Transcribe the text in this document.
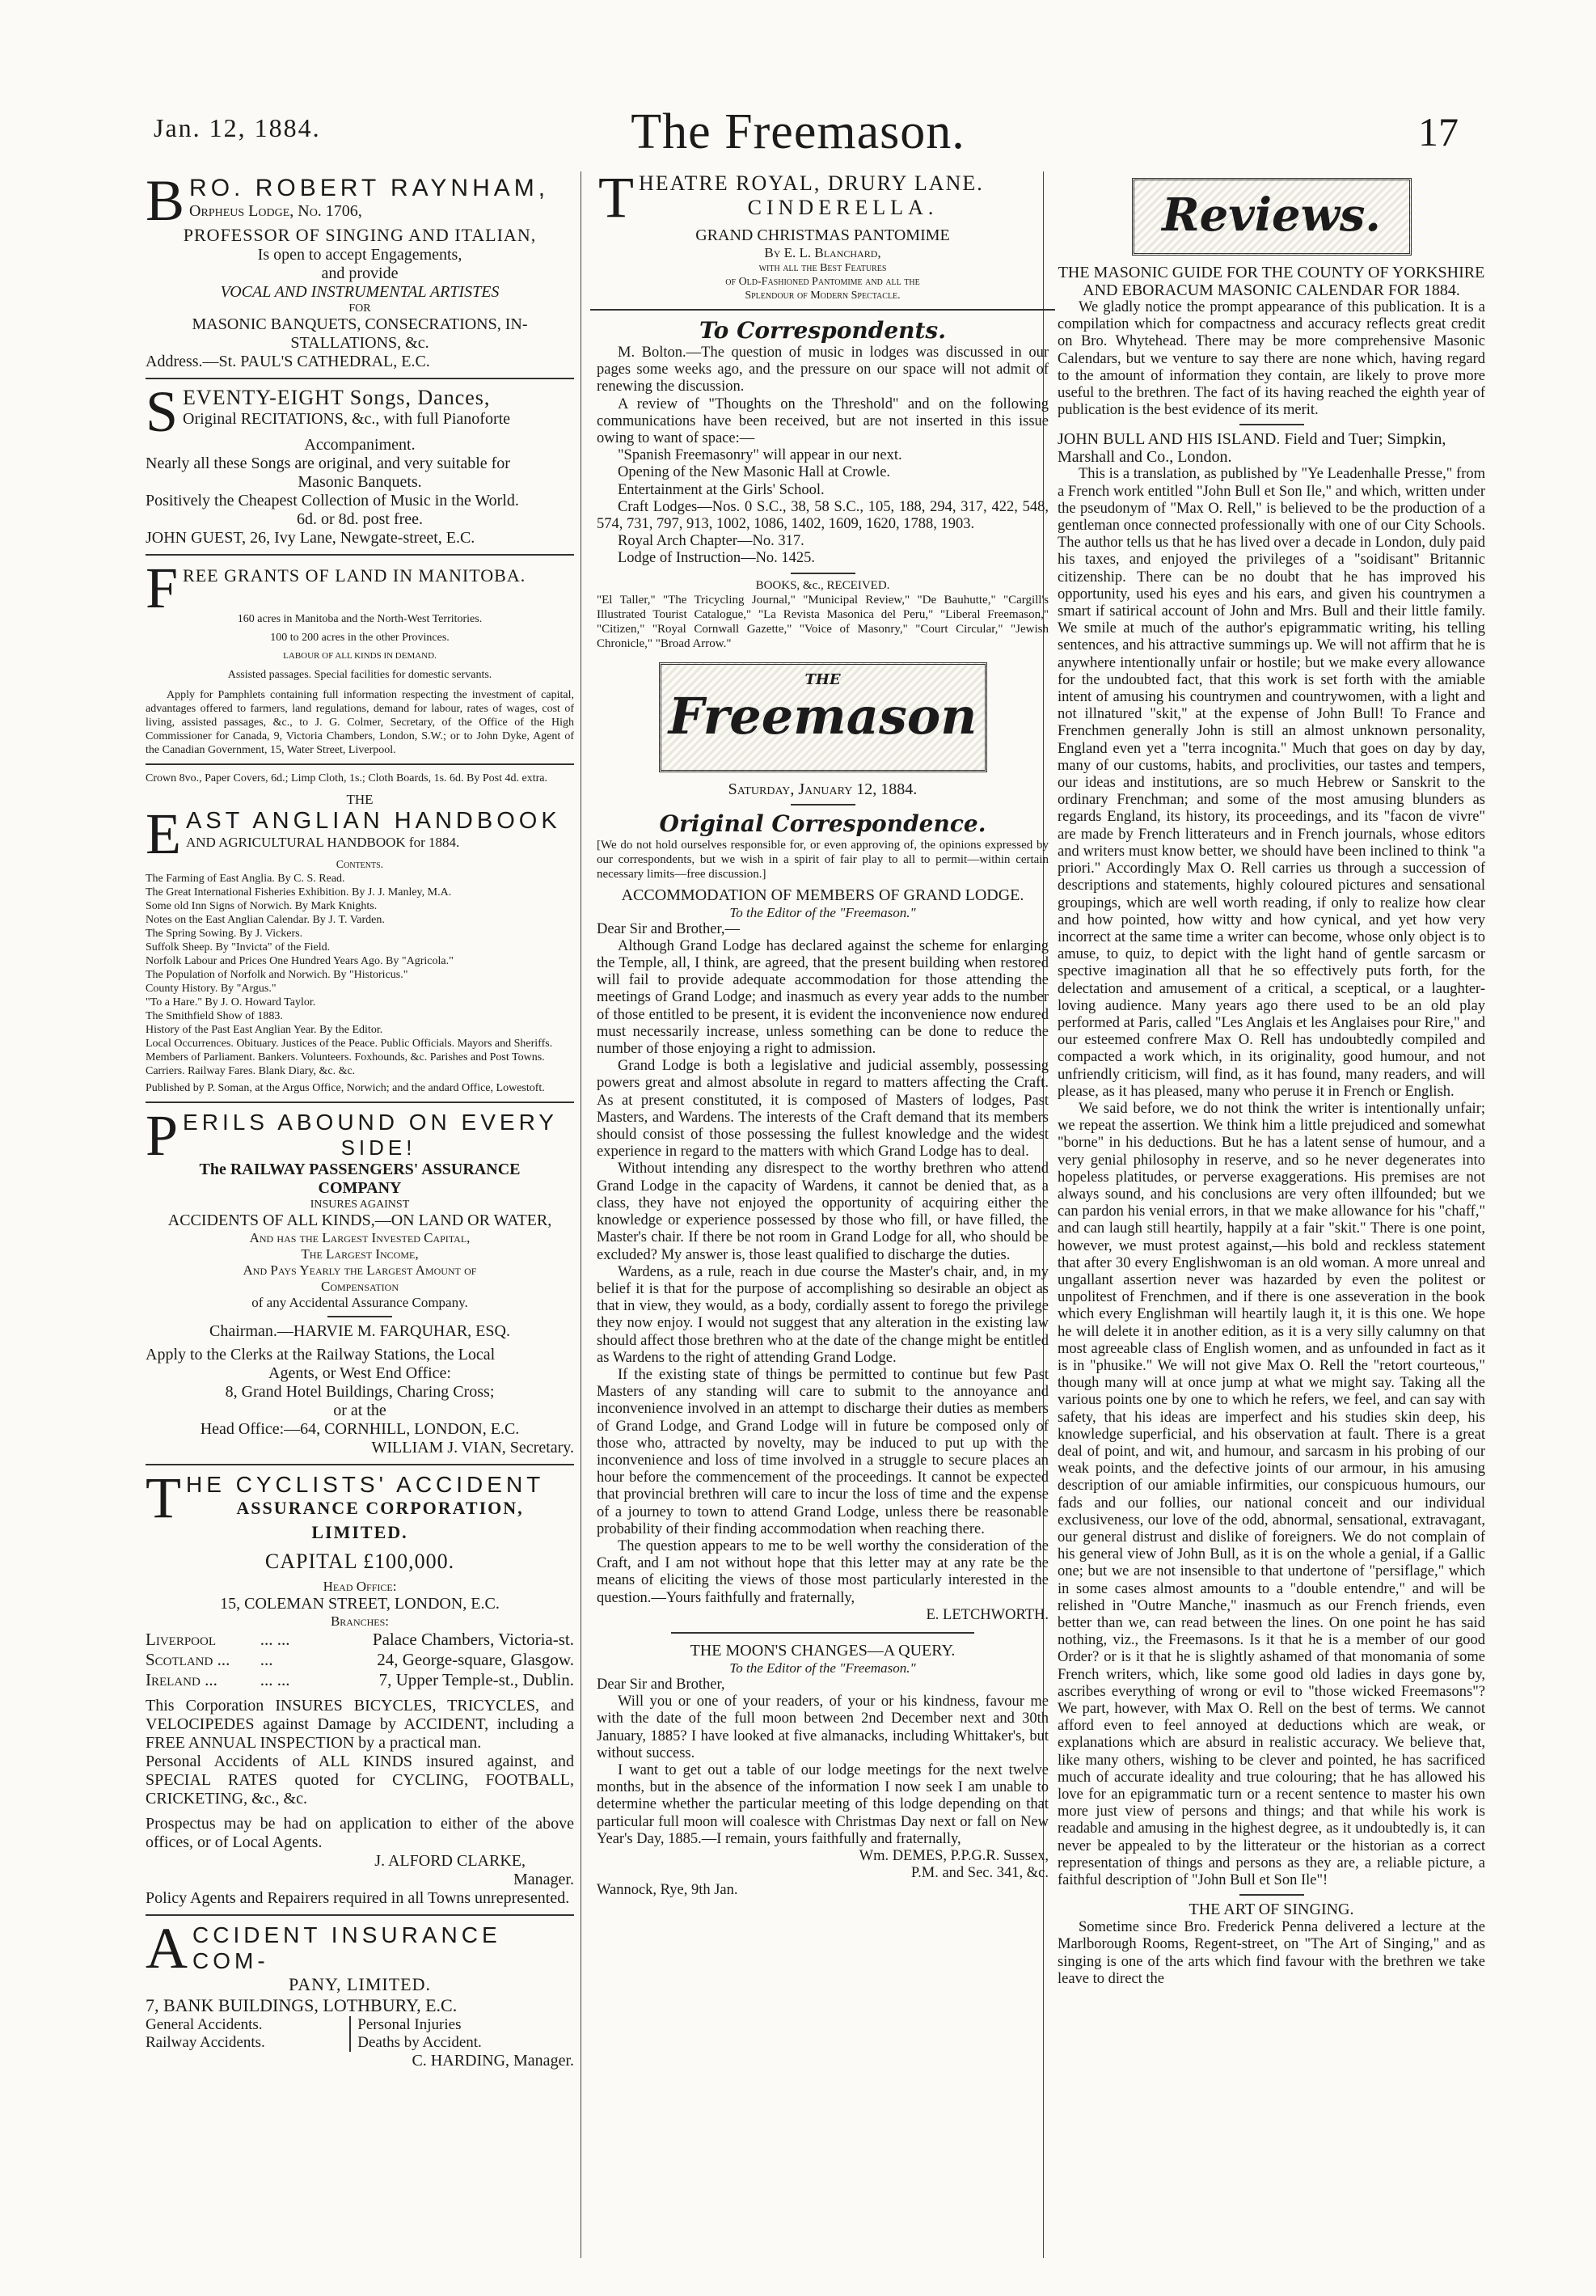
Jan. 12, 1884.	The Freemason.	17
B RO. ROBERT RAYNHAM,

Orpheus Lodge, No. 1706,

PROFESSOR OF SINGING AND ITALIAN,

Is open to accept Engagements,

and provide

VOCAL AND INSTRUMENTAL ARTISTES

FOR

MASONIC BANQUETS, CONSECRATIONS, IN-

STALLATIONS, &c.

Address.—St. PAUL'S CATHEDRAL, E.C.

S EVENTY-EIGHT Songs, Dances,

Original RECITATIONS, &c., with full Pianoforte

Accompaniment.

Nearly all these Songs are original, and very suitable for

Masonic Banquets.

Positively the Cheapest Collection of Music in the World.

6d. or 8d. post free.

JOHN GUEST, 26, Ivy Lane, Newgate-street, E.C.

F REE GRANTS OF LAND IN MANITOBA.

160 acres in Manitoba and the North-West Territories.

100 to 200 acres in the other Provinces.

LABOUR OF ALL KINDS IN DEMAND.

Assisted passages. Special facilities for domestic servants.

Apply for Pamphlets containing full information respecting the investment of capital, advantages offered to farmers, land regulations, demand for labour, rates of wages, cost of living, assisted passages, &c., to J. G. Colmer, Secretary, of the Office of the High Commissioner for Canada, 9, Victoria Chambers, London, S.W.; or to John Dyke, Agent of the Canadian Government, 15, Water Street, Liverpool.

Crown 8vo., Paper Covers, 6d.; Limp Cloth, 1s.; Cloth Boards, 1s. 6d. By Post 4d. extra.

THE

E AST ANGLIAN HANDBOOK

AND AGRICULTURAL HANDBOOK for 1884.

Contents.

The Farming of East Anglia. By C. S. Read.

The Great International Fisheries Exhibition. By J. J. Manley, M.A.

Some old Inn Signs of Norwich. By Mark Knights.

Notes on the East Anglian Calendar. By J. T. Varden.

The Spring Sowing. By J. Vickers.

Suffolk Sheep. By "Invicta" of the Field.

Norfolk Labour and Prices One Hundred Years Ago. By "Agricola."

The Population of Norfolk and Norwich. By "Historicus."

County History. By "Argus."

"To a Hare." By J. O. Howard Taylor.

The Smithfield Show of 1883.

History of the Past East Anglian Year. By the Editor.

Local Occurrences. Obituary. Justices of the Peace. Public Officials. Mayors and Sheriffs. Members of Parliament. Bankers. Volunteers. Foxhounds, &c. Parishes and Post Towns. Carriers. Railway Fares. Blank Diary, &c. &c.

Published by P. Soman, at the Argus Office, Norwich; and the andard Office, Lowestoft.

P ERILS ABOUND ON EVERY

SIDE!

The RAILWAY PASSENGERS' ASSURANCE

COMPANY

INSURES AGAINST

ACCIDENTS OF ALL KINDS,—ON LAND OR WATER,

And has the Largest Invested Capital,

The Largest Income,

And Pays Yearly the Largest Amount of

Compensation

of any Accidental Assurance Company.

Chairman.—HARVIE M. FARQUHAR, ESQ.

Apply to the Clerks at the Railway Stations, the Local

Agents, or West End Office:

8, Grand Hotel Buildings, Charing Cross;

or at the

Head Office:—64, CORNHILL, LONDON, E.C.

WILLIAM J. VIAN, Secretary.

T HE CYCLISTS' ACCIDENT

ASSURANCE CORPORATION,

LIMITED.

CAPITAL £100,000.

Head Office:

15, COLEMAN STREET, LONDON, E.C.

Branches:

Liverpool	... ...	Palace Chambers, Victoria-st.
Scotland ...	...	24, George-square, Glasgow.
Ireland ...	... ...	7, Upper Temple-st., Dublin.

This Corporation INSURES BICYCLES, TRICYCLES, and VELOCIPEDES against Damage by ACCIDENT, including a FREE ANNUAL INSPECTION by a practical man.

Personal Accidents of ALL KINDS insured against, and SPECIAL RATES quoted for CYCLING, FOOTBALL, CRICKETING, &c., &c.

Prospectus may be had on application to either of the above offices, or of Local Agents.

J. ALFORD CLARKE,

Manager.

Policy Agents and Repairers required in all Towns unrepresented.

A CCIDENT INSURANCE COM-

PANY, LIMITED.

7, BANK BUILDINGS, LOTHBURY, E.C.

General Accidents.	Personal Injuries
Railway Accidents.	Deaths by Accident.

C. HARDING, Manager.

T HEATRE ROYAL, DRURY LANE.

CINDERELLA.

GRAND CHRISTMAS PANTOMIME

By E. L. Blanchard,

with all the Best Features

of Old-Fashioned Pantomime and all the

Splendour of Modern Spectacle.

To Correspondents.

M. Bolton.—The question of music in lodges was discussed in our pages some weeks ago, and the pressure on our space will not admit of renewing the discussion.

A review of "Thoughts on the Threshold" and on the following communications have been received, but are not inserted in this issue owing to want of space:—

"Spanish Freemasonry" will appear in our next.

Opening of the New Masonic Hall at Crowle.

Entertainment at the Girls' School.

Craft Lodges—Nos. 0 S.C., 38, 58 S.C., 105, 188, 294, 317, 422, 548, 574, 731, 797, 913, 1002, 1086, 1402, 1609, 1620, 1788, 1903.

Royal Arch Chapter—No. 317.

Lodge of Instruction—No. 1425.

BOOKS, &c., RECEIVED.

"El Taller," "The Tricycling Journal," "Municipal Review," "De Bauhutte," "Cargill's Illustrated Tourist Catalogue," "La Revista Masonica del Peru," "Liberal Freemason," "Citizen," "Royal Cornwall Gazette," "Voice of Masonry," "Court Circular," "Jewish Chronicle," "Broad Arrow."

THE
Freemason

Saturday, January 12, 1884.

Original Correspondence.

[We do not hold ourselves responsible for, or even approving of, the opinions expressed by our correspondents, but we wish in a spirit of fair play to all to permit—within certain necessary limits—free discussion.]

ACCOMMODATION OF MEMBERS OF GRAND LODGE.

To the Editor of the "Freemason."

Dear Sir and Brother,—

Although Grand Lodge has declared against the scheme for enlarging the Temple, all, I think, are agreed, that the present building when restored will fail to provide adequate accommodation for those attending the meetings of Grand Lodge; and inasmuch as every year adds to the number of those entitled to be present, it is evident the inconvenience now endured must necessarily increase, unless something can be done to reduce the number of those enjoying a right to admission.

Grand Lodge is both a legislative and judicial assembly, possessing powers great and almost absolute in regard to matters affecting the Craft. As at present constituted, it is composed of Masters of lodges, Past Masters, and Wardens. The interests of the Craft demand that its members should consist of those possessing the fullest knowledge and the widest experience in regard to the matters with which Grand Lodge has to deal.

Without intending any disrespect to the worthy brethren who attend Grand Lodge in the capacity of Wardens, it cannot be denied that, as a class, they have not enjoyed the opportunity of acquiring either the knowledge or experience possessed by those who fill, or have filled, the Master's chair. If there be not room in Grand Lodge for all, who should be excluded? My answer is, those least qualified to discharge the duties.

Wardens, as a rule, reach in due course the Master's chair, and, in my belief it is that for the purpose of accomplishing so desirable an object as that in view, they would, as a body, cordially assent to forego the privilege they now enjoy. I would not suggest that any alteration in the existing law should affect those brethren who at the date of the change might be entitled as Wardens to the right of attending Grand Lodge.

If the existing state of things be permitted to continue but few Past Masters of any standing will care to submit to the annoyance and inconvenience involved in an attempt to discharge their duties as members of Grand Lodge, and Grand Lodge will in future be composed only of those who, attracted by novelty, may be induced to put up with the inconvenience and loss of time involved in a struggle to secure places an hour before the commencement of the proceedings. It cannot be expected that provincial brethren will care to incur the loss of time and the expense of a journey to town to attend Grand Lodge, unless there be reasonable probability of their finding accommodation when reaching there.

The question appears to me to be well worthy the consideration of the Craft, and I am not without hope that this letter may at any rate be the means of eliciting the views of those most particularly interested in the question.—Yours faithfully and fraternally,

E. LETCHWORTH.

THE MOON'S CHANGES—A QUERY.

To the Editor of the "Freemason."

Dear Sir and Brother,

Will you or one of your readers, of your or his kindness, favour me with the date of the full moon between 2nd December next and 30th January, 1885? I have looked at five almanacks, including Whittaker's, but without success.

I want to get out a table of our lodge meetings for the next twelve months, but in the absence of the information I now seek I am unable to determine whether the particular meeting of this lodge depending on that particular full moon will coalesce with Christmas Day next or fall on New Year's Day, 1885.—I remain, yours faithfully and fraternally,

Wm. DEMES, P.P.G.R. Sussex,

P.M. and Sec. 341, &c.

Wannock, Rye, 9th Jan.

Reviews.

THE MASONIC GUIDE FOR THE COUNTY OF YORKSHIRE AND EBORACUM MASONIC CALENDAR FOR 1884.

We gladly notice the prompt appearance of this publication. It is a compilation which for compactness and accuracy reflects great credit on Bro. Whytehead. There may be more comprehensive Masonic Calendars, but we venture to say there are none which, having regard to the amount of information they contain, are likely to prove more useful to the brethren. The fact of its having reached the eighth year of publication is the best evidence of its merit.

JOHN BULL AND HIS ISLAND. Field and Tuer; Simpkin, Marshall and Co., London.

This is a translation, as published by "Ye Leadenhalle Presse," from a French work entitled "John Bull et Son Ile," and which, written under the pseudonym of "Max O. Rell," is believed to be the production of a gentleman once connected professionally with one of our City Schools. The author tells us that he has lived over a decade in London, duly paid his taxes, and enjoyed the privileges of a "soidisant" Britannic citizenship. There can be no doubt that he has improved his opportunity, used his eyes and his ears, and given his countrymen a smart if satirical account of John and Mrs. Bull and their little family. We smile at much of the author's epigrammatic writing, his telling sentences, and his attractive summings up. We will not affirm that he is anywhere intentionally unfair or hostile; but we make every allowance for the undoubted fact, that this work is set forth with the amiable intent of amusing his countrymen and countrywomen, with a light and not illnatured "skit," at the expense of John Bull! To France and Frenchmen generally John is still an almost unknown personality, England even yet a "terra incognita." Much that goes on day by day, many of our customs, habits, and proclivities, our tastes and tempers, our ideas and institutions, are so much Hebrew or Sanskrit to the ordinary Frenchman; and some of the most amusing blunders as regards England, its history, its proceedings, and its "facon de vivre" are made by French litterateurs and in French journals, whose editors and writers must know better, we should have been inclined to think "a priori." Accordingly Max O. Rell carries us through a succession of descriptions and statements, highly coloured pictures and sensational groupings, which are well worth reading, if only to realize how clear and how pointed, how witty and how cynical, and yet how very incorrect at the same time a writer can become, whose only object is to amuse, to quiz, to depict with the light hand of gentle sarcasm or spective imagination all that he so effectively puts forth, for the delectation and amusement of a critical, a sceptical, or a laughter-loving audience. Many years ago there used to be an old play performed at Paris, called "Les Anglais et les Anglaises pour Rire," and our esteemed confrere Max O. Rell has undoubtedly compiled and compacted a work which, in its originality, good humour, and not unfriendly criticism, will find, as it has found, many readers, and will please, as it has pleased, many who peruse it in French or English.

We said before, we do not think the writer is intentionally unfair; we repeat the assertion. We think him a little prejudiced and somewhat "borne" in his deductions. But he has a latent sense of humour, and a very genial philosophy in reserve, and so he never degenerates into hopeless platitudes, or perverse exaggerations. His premises are not always sound, and his conclusions are very often illfounded; but we can pardon his venial errors, in that we make allowance for his "chaff," and can laugh still heartily, happily at a fair "skit." There is one point, however, we must protest against,—his bold and reckless statement that after 30 every Englishwoman is an old woman. A more unreal and ungallant assertion never was hazarded by even the politest or unpolitest of Frenchmen, and if there is one asseveration in the book which every Englishman will heartily laugh it, it is this one. We hope he will delete it in another edition, as it is a very silly calumny on that most agreeable class of English women, and as unfounded in fact as it is in "phusike." We will not give Max O. Rell the "retort courteous," though many will at once jump at what we might say. Taking all the various points one by one to which he refers, we feel, and can say with safety, that his ideas are imperfect and his studies skin deep, his knowledge superficial, and his observation at fault. There is a great deal of point, and wit, and humour, and sarcasm in his probing of our weak points, and the defective joints of our armour, in his amusing description of our amiable infirmities, our conspicuous humours, our fads and our follies, our national conceit and our individual exclusiveness, our love of the odd, abnormal, sensational, extravagant, our general distrust and dislike of foreigners. We do not complain of his general view of John Bull, as it is on the whole a genial, if a Gallic one; but we are not insensible to that undertone of "persiflage," which in some cases almost amounts to a "double entendre," and will be relished in "Outre Manche," inasmuch as our French friends, even better than we, can read between the lines. On one point he has said nothing, viz., the Freemasons. Is it that he is a member of our good Order? or is it that he is slightly ashamed of that monomania of some French writers, which, like some good old ladies in days gone by, ascribes everything of wrong or evil to "those wicked Freemasons"? We part, however, with Max O. Rell on the best of terms. We cannot afford even to feel annoyed at deductions which are weak, or explanations which are absurd in realistic accuracy. We believe that, like many others, wishing to be clever and pointed, he has sacrificed much of accurate ideality and true colouring; that he has allowed his love for an epigrammatic turn or a recent sentence to master his own more just view of persons and things; and that while his work is readable and amusing in the highest degree, as it undoubtedly is, it can never be appealed to by the litterateur or the historian as a correct representation of things and persons as they are, a reliable picture, a faithful description of "John Bull et Son Ile"!

THE ART OF SINGING.

Sometime since Bro. Frederick Penna delivered a lecture at the Marlborough Rooms, Regent-street, on "The Art of Singing," and as singing is one of the arts which find favour with the brethren we take leave to direct the
